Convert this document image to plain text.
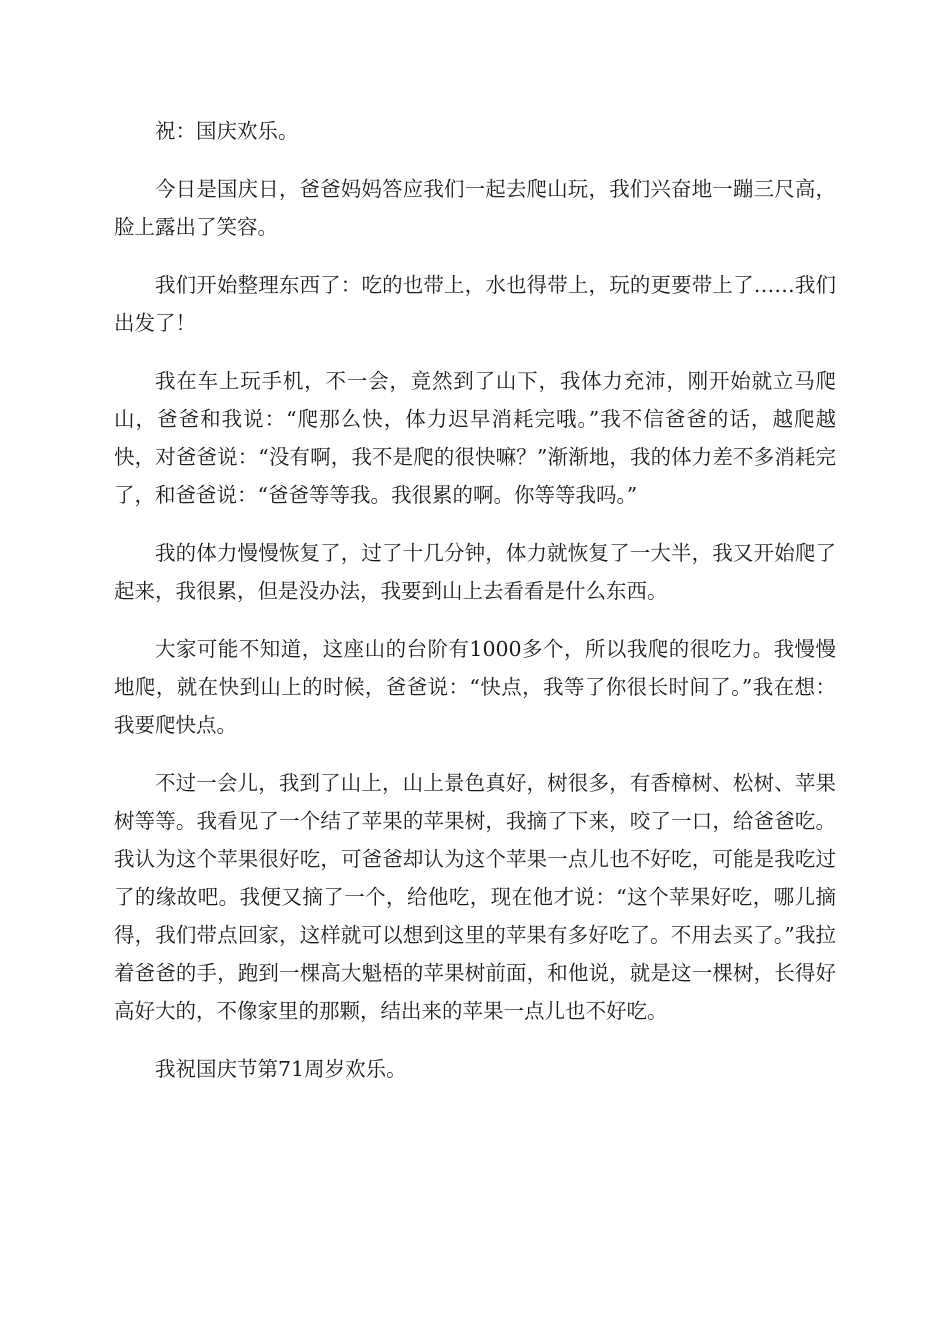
祝：国庆欢乐。

今日是国庆日，爸爸妈妈答应我们一起去爬山玩，我们兴奋地一蹦三尺高，脸上露出了笑容。

我们开始整理东西了：吃的也带上，水也得带上，玩的更要带上了……我们出发了！

我在车上玩手机，不一会，竟然到了山下，我体力充沛，刚开始就立马爬山，爸爸和我说：“爬那么快，体力迟早消耗完哦。”我不信爸爸的话，越爬越快，对爸爸说：“没有啊，我不是爬的很快嘛？”渐渐地，我的体力差不多消耗完了，和爸爸说：“爸爸等等我。我很累的啊。你等等我吗。”

我的体力慢慢恢复了，过了十几分钟，体力就恢复了一大半，我又开始爬了起来，我很累，但是没办法，我要到山上去看看是什么东西。

大家可能不知道，这座山的台阶有1000多个，所以我爬的很吃力。我慢慢地爬，就在快到山上的时候，爸爸说：“快点，我等了你很长时间了。”我在想：我要爬快点。

不过一会儿，我到了山上，山上景色真好，树很多，有香樟树、松树、苹果树等等。我看见了一个结了苹果的苹果树，我摘了下来，咬了一口，给爸爸吃。我认为这个苹果很好吃，可爸爸却认为这个苹果一点儿也不好吃，可能是我吃过了的缘故吧。我便又摘了一个，给他吃，现在他才说：“这个苹果好吃，哪儿摘得，我们带点回家，这样就可以想到这里的苹果有多好吃了。不用去买了。”我拉着爸爸的手，跑到一棵高大魁梧的苹果树前面，和他说，就是这一棵树，长得好高好大的，不像家里的那颗，结出来的苹果一点儿也不好吃。

我祝国庆节第71周岁欢乐。
